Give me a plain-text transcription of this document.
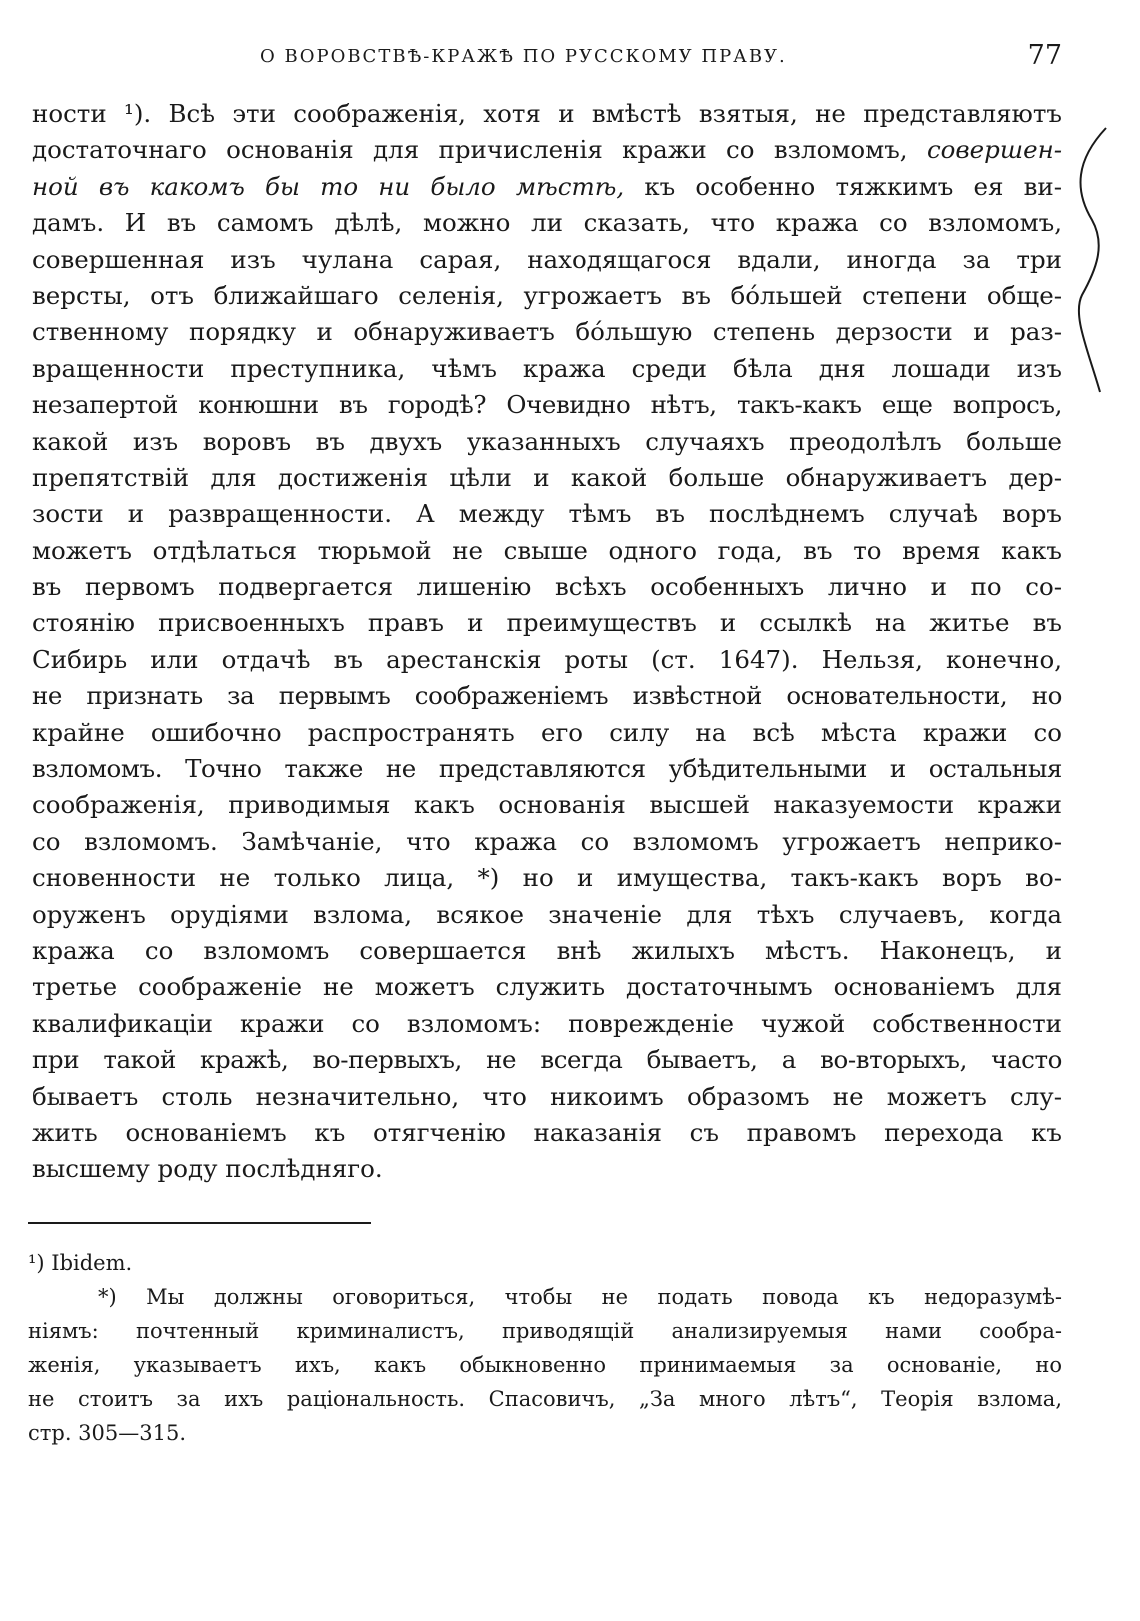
О ВОРОВСТВѢ-КРАЖѢ ПО РУССКОМУ ПРАВУ.	77
ности ¹). Всѣ эти соображенія, хотя и вмѣстѣ взятыя, не представляютъ
достаточнаго основанія для причисленія кражи со взломомъ, совершен-
ной въ какомъ бы то ни было мѣстѣ, къ особенно тяжкимъ ея ви-
дамъ. И въ самомъ дѣлѣ, можно ли сказать, что кража со взломомъ,
совершенная изъ чулана сарая, находящагося вдали, иногда за три
версты, отъ ближайшаго селенія, угрожаетъ въ бóльшей степени обще-
ственному порядку и обнаруживаетъ бóльшую степень дерзости и раз-
вращенности преступника, чѣмъ кража среди бѣла дня лошади изъ
незапертой конюшни въ городѣ? Очевидно нѣтъ, такъ-какъ еще вопросъ,
какой изъ воровъ въ двухъ указанныхъ случаяхъ преодолѣлъ больше
препятствій для достиженія цѣли и какой больше обнаруживаетъ дер-
зости и развращенности. А между тѣмъ въ послѣднемъ случаѣ воръ
можетъ отдѣлаться тюрьмой не свыше одного года, въ то время какъ
въ первомъ подвергается лишенію всѣхъ особенныхъ лично и по со-
стоянію присвоенныхъ правъ и преимуществъ и ссылкѣ на житье въ
Сибирь или отдачѣ въ арестанскія роты (ст. 1647). Нельзя, конечно,
не признать за первымъ соображеніемъ извѣстной основательности, но
крайне ошибочно распространять его силу на всѣ мѣста кражи со
взломомъ. Точно также не представляются убѣдительными и остальныя
соображенія, приводимыя какъ основанія высшей наказуемости кражи
со взломомъ. Замѣчаніе, что кража со взломомъ угрожаетъ неприко-
сновенности не только лица, *) но и имущества, такъ-какъ воръ во-
оруженъ орудіями взлома, всякое значеніе для тѣхъ случаевъ, когда
кража со взломомъ совершается внѣ жилыхъ мѣстъ. Наконецъ, и
третье соображеніе не можетъ служить достаточнымъ основаніемъ для
квалификаціи кражи со взломомъ: поврежденіе чужой собственности
при такой кражѣ, во-первыхъ, не всегда бываетъ, а во-вторыхъ, часто
бываетъ столь незначительно, что никоимъ образомъ не можетъ слу-
жить основаніемъ къ отягченію наказанія съ правомъ перехода къ
высшему роду послѣдняго.
¹) Ibidem.
*) Мы должны оговориться, чтобы не подать повода къ недоразумѣ-
ніямъ: почтенный криминалистъ, приводящій анализируемыя нами сообра-
женія, указываетъ ихъ, какъ обыкновенно принимаемыя за основаніе, но
не стоитъ за ихъ раціональность. Спасовичъ, „За много лѣтъ“, Теорія взлома,
стр. 305—315.
